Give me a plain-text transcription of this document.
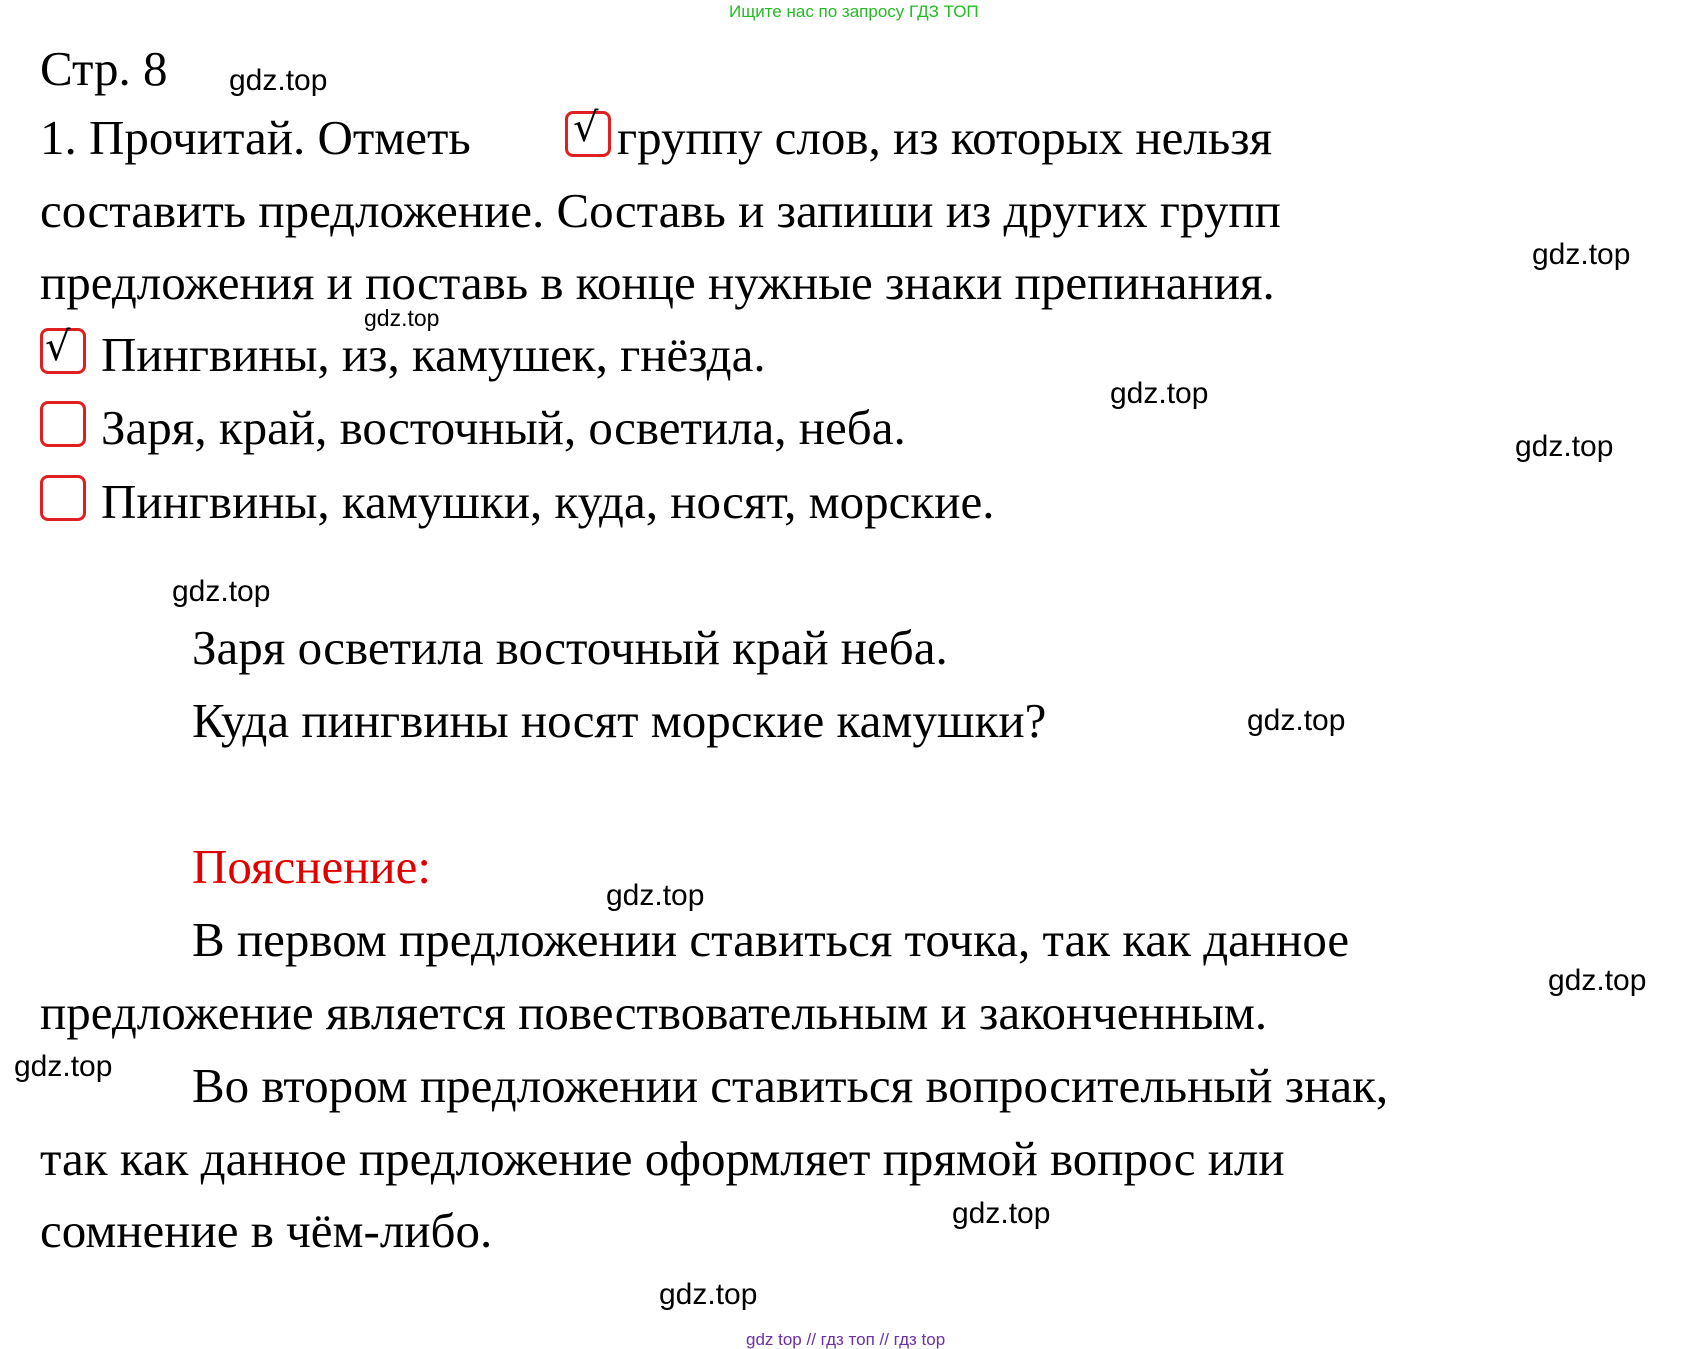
Ищите нас по запросу ГДЗ ТОП
Стр. 8
1. Прочитай. Отметь	√ группу слов, из которых нельзя
составить предложение. Составь и запиши из других групп
предложения и поставь в конце нужные знаки препинания.
√ Пингвины, из, камушек, гнёзда.
Заря, край, восточный, осветила, неба.
Пингвины, камушки, куда, носят, морские.
Заря осветила восточный край неба.
Куда пингвины носят морские камушки?
Пояснение:
В первом предложении ставиться точка, так как данное
предложение является повествовательным и законченным.
Во втором предложении ставиться вопросительный знак,
так как данное предложение оформляет прямой вопрос или
сомнение в чём-либо.
gdz.top
gdz.top
gdz.top
gdz.top
gdz.top
gdz.top
gdz.top
gdz.top
gdz.top
gdz.top
gdz.top
gdz.top
gdz top // гдз топ // гдз top
